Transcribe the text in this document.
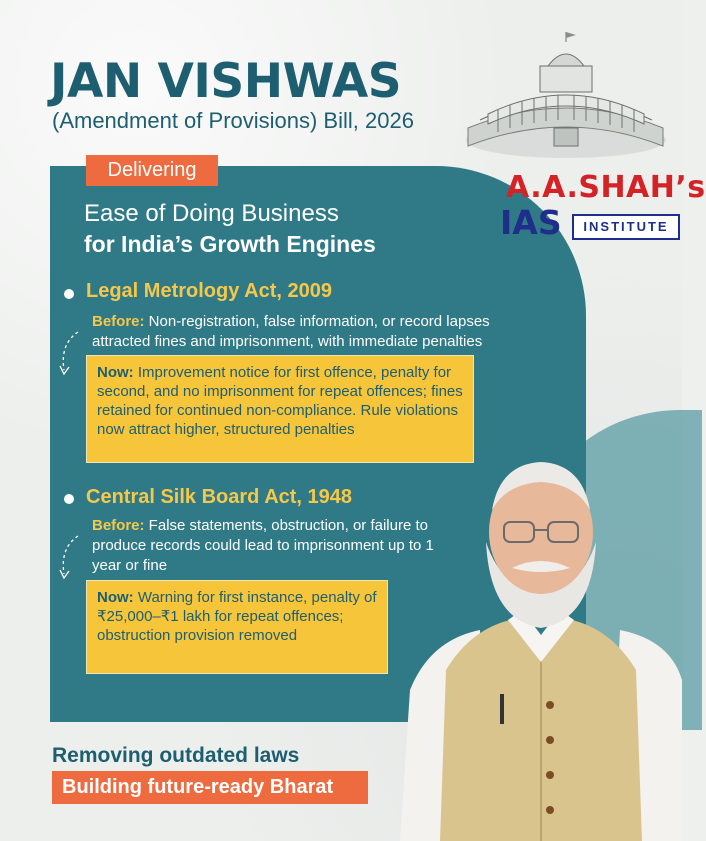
JAN VISHWAS

(Amendment of Provisions) Bill, 2026

Delivering
Ease of Doing Business
for India’s Growth Engines
A.A.SHAH’s
IAS	INSTITUTE
Legal Metrology Act, 2009
Before: Non-registration, false information, or record lapses attracted fines and imprisonment, with immediate penalties
Now: Improvement notice for first offence, penalty for second, and no imprisonment for repeat offences; fines retained for continued non-compliance. Rule violations now attract higher, structured penalties
Central Silk Board Act, 1948
Before: False statements, obstruction, or failure to produce records could lead to imprisonment up to 1 year or fine
Now: Warning for first instance, penalty of ₹25,000–₹1 lakh for repeat offences; obstruction provision removed
Removing outdated laws
Building future-ready Bharat
